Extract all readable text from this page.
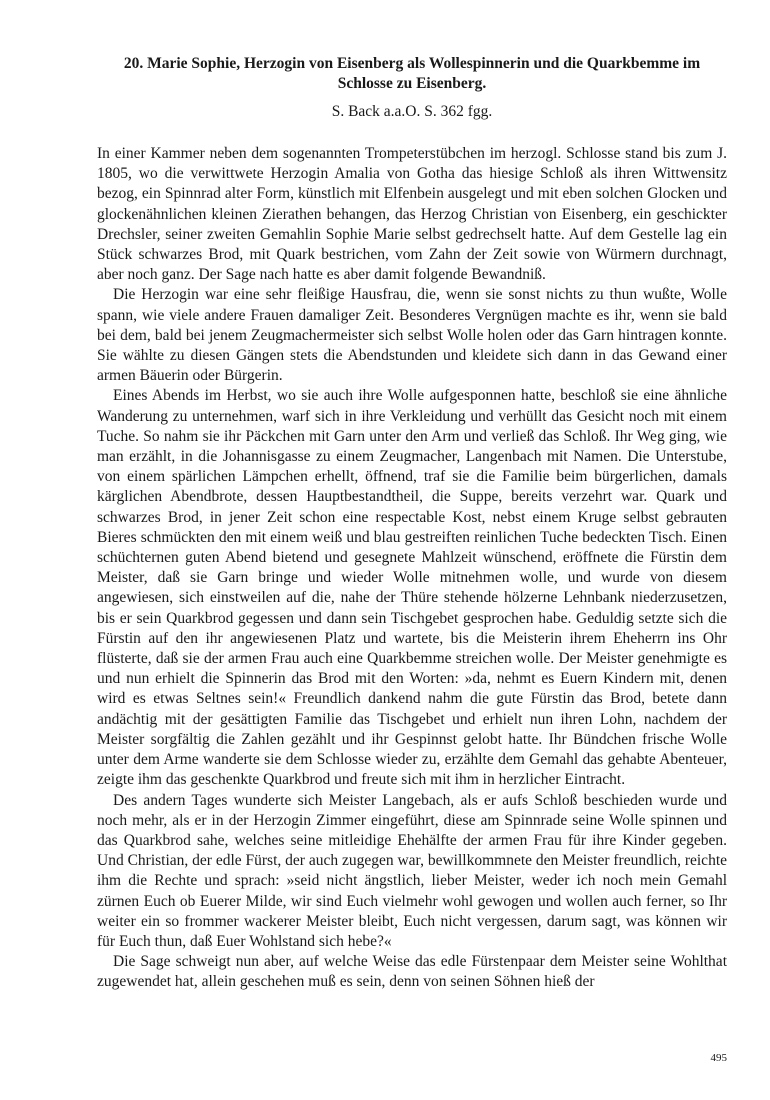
20. Marie Sophie, Herzogin von Eisenberg als Wollespinnerin und die Quarkbemme im Schlosse zu Eisenberg.

S. Back a.a.O. S. 362 fgg.

In einer Kammer neben dem sogenannten Trompeterstübchen im herzogl. Schlosse stand bis zum J. 1805, wo die verwittwete Herzogin Amalia von Gotha das hiesige Schloß als ihren Wittwensitz bezog, ein Spinnrad alter Form, künstlich mit Elfenbein ausgelegt und mit eben solchen Glocken und glockenähnlichen kleinen Zierathen behangen, das Herzog Christian von Eisenberg, ein geschickter Drechsler, seiner zweiten Gemahlin Sophie Marie selbst gedrechselt hatte. Auf dem Gestelle lag ein Stück schwarzes Brod, mit Quark bestrichen, vom Zahn der Zeit sowie von Würmern durchnagt, aber noch ganz. Der Sage nach hatte es aber damit folgende Bewandniß.

Die Herzogin war eine sehr fleißige Hausfrau, die, wenn sie sonst nichts zu thun wußte, Wolle spann, wie viele andere Frauen damaliger Zeit. Besonderes Vergnügen machte es ihr, wenn sie bald bei dem, bald bei jenem Zeugmachermeister sich selbst Wolle holen oder das Garn hintragen konnte. Sie wählte zu diesen Gängen stets die Abendstunden und kleidete sich dann in das Gewand einer armen Bäuerin oder Bürgerin.

Eines Abends im Herbst, wo sie auch ihre Wolle aufgesponnen hatte, beschloß sie eine ähnliche Wanderung zu unternehmen, warf sich in ihre Verkleidung und verhüllt das Gesicht noch mit einem Tuche. So nahm sie ihr Päckchen mit Garn unter den Arm und verließ das Schloß. Ihr Weg ging, wie man erzählt, in die Johannisgasse zu einem Zeugmacher, Langenbach mit Namen. Die Unterstube, von einem spärlichen Lämpchen erhellt, öffnend, traf sie die Familie beim bürgerlichen, damals kärglichen Abendbrote, dessen Hauptbestandtheil, die Suppe, bereits verzehrt war. Quark und schwarzes Brod, in jener Zeit schon eine respectable Kost, nebst einem Kruge selbst gebrauten Bieres schmückten den mit einem weiß und blau gestreiften reinlichen Tuche bedeckten Tisch. Einen schüchternen guten Abend bietend und gesegnete Mahlzeit wünschend, eröffnete die Fürstin dem Meister, daß sie Garn bringe und wieder Wolle mitnehmen wolle, und wurde von diesem angewiesen, sich einstweilen auf die, nahe der Thüre stehende hölzerne Lehnbank niederzusetzen, bis er sein Quarkbrod gegessen und dann sein Tischgebet gesprochen habe. Geduldig setzte sich die Fürstin auf den ihr angewiesenen Platz und wartete, bis die Meisterin ihrem Eheherrn ins Ohr flüsterte, daß sie der armen Frau auch eine Quarkbemme streichen wolle. Der Meister genehmigte es und nun erhielt die Spinnerin das Brod mit den Worten: »da, nehmt es Euern Kindern mit, denen wird es etwas Seltnes sein!« Freundlich dankend nahm die gute Fürstin das Brod, betete dann andächtig mit der gesättigten Familie das Tischgebet und erhielt nun ihren Lohn, nachdem der Meister sorgfältig die Zahlen gezählt und ihr Gespinnst gelobt hatte. Ihr Bündchen frische Wolle unter dem Arme wanderte sie dem Schlosse wieder zu, erzählte dem Gemahl das gehabte Abenteuer, zeigte ihm das geschenkte Quarkbrod und freute sich mit ihm in herzlicher Eintracht.

Des andern Tages wunderte sich Meister Langebach, als er aufs Schloß beschieden wurde und noch mehr, als er in der Herzogin Zimmer eingeführt, diese am Spinnrade seine Wolle spinnen und das Quarkbrod sahe, welches seine mitleidige Ehehälfte der armen Frau für ihre Kinder gegeben. Und Christian, der edle Fürst, der auch zugegen war, bewillkommnete den Meister freundlich, reichte ihm die Rechte und sprach: »seid nicht ängstlich, lieber Meister, weder ich noch mein Gemahl zürnen Euch ob Euerer Milde, wir sind Euch vielmehr wohl gewogen und wollen auch ferner, so Ihr weiter ein so frommer wackerer Meister bleibt, Euch nicht vergessen, darum sagt, was können wir für Euch thun, daß Euer Wohlstand sich hebe?«

Die Sage schweigt nun aber, auf welche Weise das edle Fürstenpaar dem Meister seine Wohlthat zugewendet hat, allein geschehen muß es sein, denn von seinen Söhnen hieß der

495
